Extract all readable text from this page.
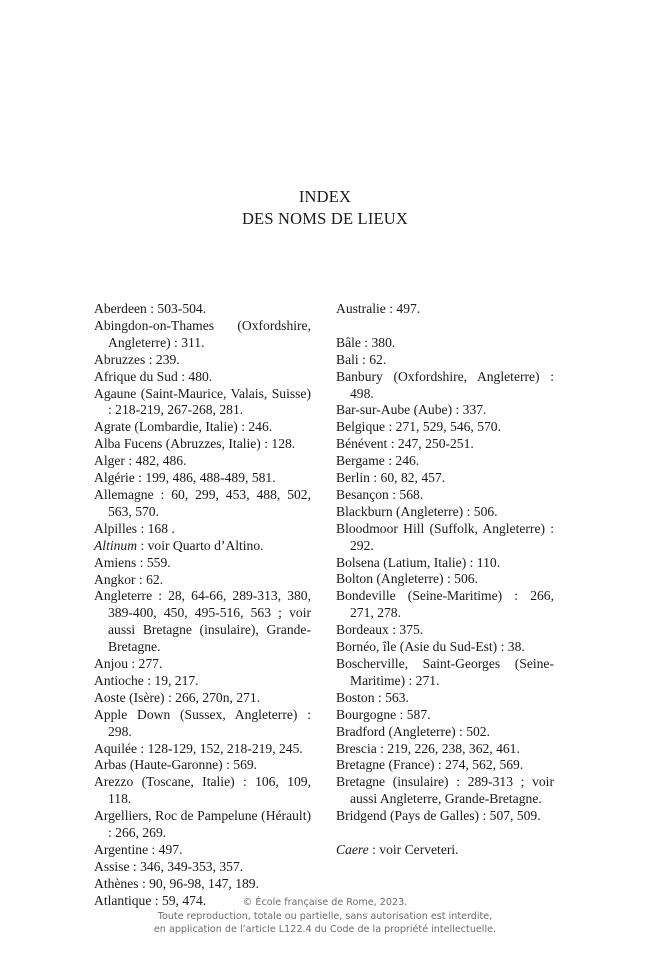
INDEX
DES NOMS DE LIEUX
Aberdeen : 503-504.
Abingdon-on-Thames (Oxfordshire, Angleterre) : 311.
Abruzzes : 239.
Afrique du Sud : 480.
Agaune (Saint-Maurice, Valais, Suisse) : 218-219, 267-268, 281.
Agrate (Lombardie, Italie) : 246.
Alba Fucens (Abruzzes, Italie) : 128.
Alger : 482, 486.
Algérie : 199, 486, 488-489, 581.
Allemagne : 60, 299, 453, 488, 502, 563, 570.
Alpilles : 168 .
Altinum : voir Quarto d’Altino.
Amiens : 559.
Angkor : 62.
Angleterre : 28, 64-66, 289-313, 380, 389-400, 450, 495-516, 563 ; voir aussi Bretagne (insulaire), Grande-Bretagne.
Anjou : 277.
Antioche : 19, 217.
Aoste (Isère) : 266, 270n, 271.
Apple Down (Sussex, Angleterre) : 298.
Aquilée : 128-129, 152, 218-219, 245.
Arbas (Haute-Garonne) : 569.
Arezzo (Toscane, Italie) : 106, 109, 118.
Argelliers, Roc de Pampelune (Hérault) : 266, 269.
Argentine : 497.
Assise : 346, 349-353, 357.
Athènes : 90, 96-98, 147, 189.
Atlantique : 59, 474.
Australie : 497.
Bâle : 380.
Bali : 62.
Banbury (Oxfordshire, Angleterre) : 498.
Bar-sur-Aube (Aube) : 337.
Belgique : 271, 529, 546, 570.
Bénévent : 247, 250-251.
Bergame : 246.
Berlin : 60, 82, 457.
Besançon : 568.
Blackburn (Angleterre) : 506.
Bloodmoor Hill (Suffolk, Angleterre) : 292.
Bolsena (Latium, Italie) : 110.
Bolton (Angleterre) : 506.
Bondeville (Seine-Maritime) : 266, 271, 278.
Bordeaux : 375.
Bornéo, île (Asie du Sud-Est) : 38.
Boscherville, Saint-Georges (Seine-Maritime) : 271.
Boston : 563.
Bourgogne : 587.
Bradford (Angleterre) : 502.
Brescia : 219, 226, 238, 362, 461.
Bretagne (France) : 274, 562, 569.
Bretagne (insulaire) : 289-313 ; voir aussi Angleterre, Grande-Bretagne.
Bridgend (Pays de Galles) : 507, 509.
Caere : voir Cerveteri.
© École française de Rome, 2023.
Toute reproduction, totale ou partielle, sans autorisation est interdite,
en application de l’article L122.4 du Code de la propriété intellectuelle.
